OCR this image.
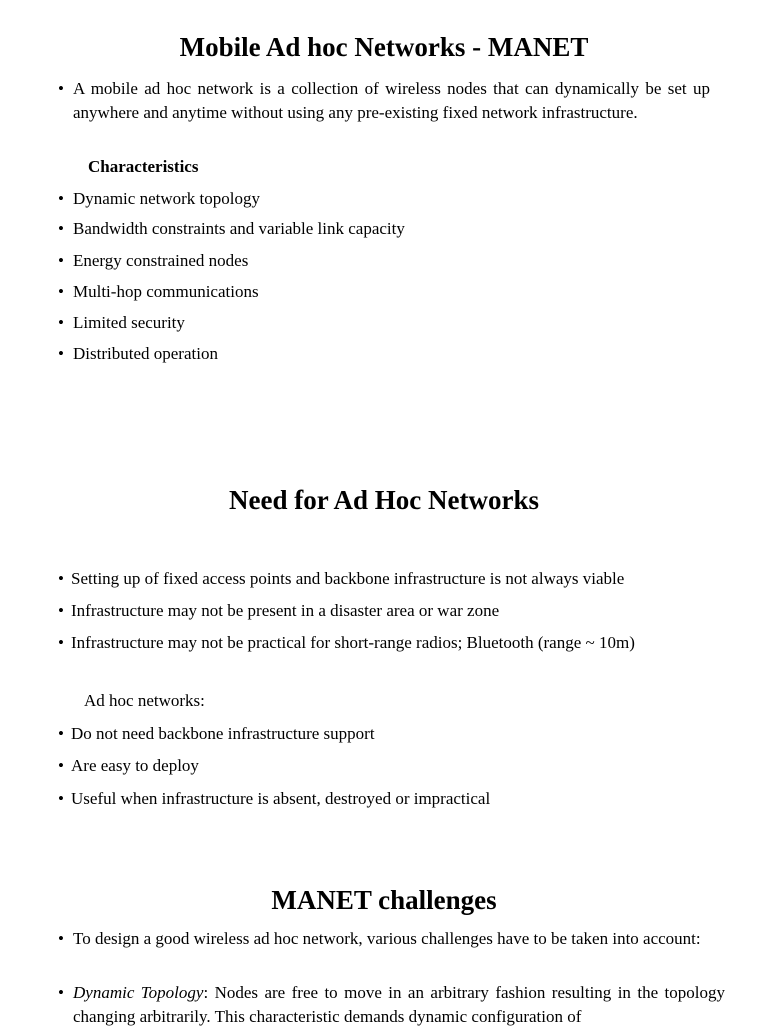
Mobile Ad hoc Networks - MANET
• A mobile ad hoc network is a collection of wireless nodes that can dynamically be set up anywhere and anytime without using any pre-existing fixed network infrastructure.
Characteristics
• Dynamic network topology
• Bandwidth constraints and variable link capacity
• Energy constrained nodes
• Multi-hop communications
• Limited security
• Distributed operation
Need for Ad Hoc Networks
• Setting up of fixed access points and backbone infrastructure is not always viable
• Infrastructure may not be present in a disaster area or war zone
• Infrastructure may not be practical for short-range radios; Bluetooth (range ~ 10m)
Ad hoc networks:
• Do not need backbone infrastructure support
• Are easy to deploy
• Useful when infrastructure is absent, destroyed or impractical
MANET challenges
• To design a good wireless ad hoc network, various challenges have to be taken into account:
• Dynamic Topology: Nodes are free to move in an arbitrary fashion resulting in the topology changing arbitrarily. This characteristic demands dynamic configuration of
